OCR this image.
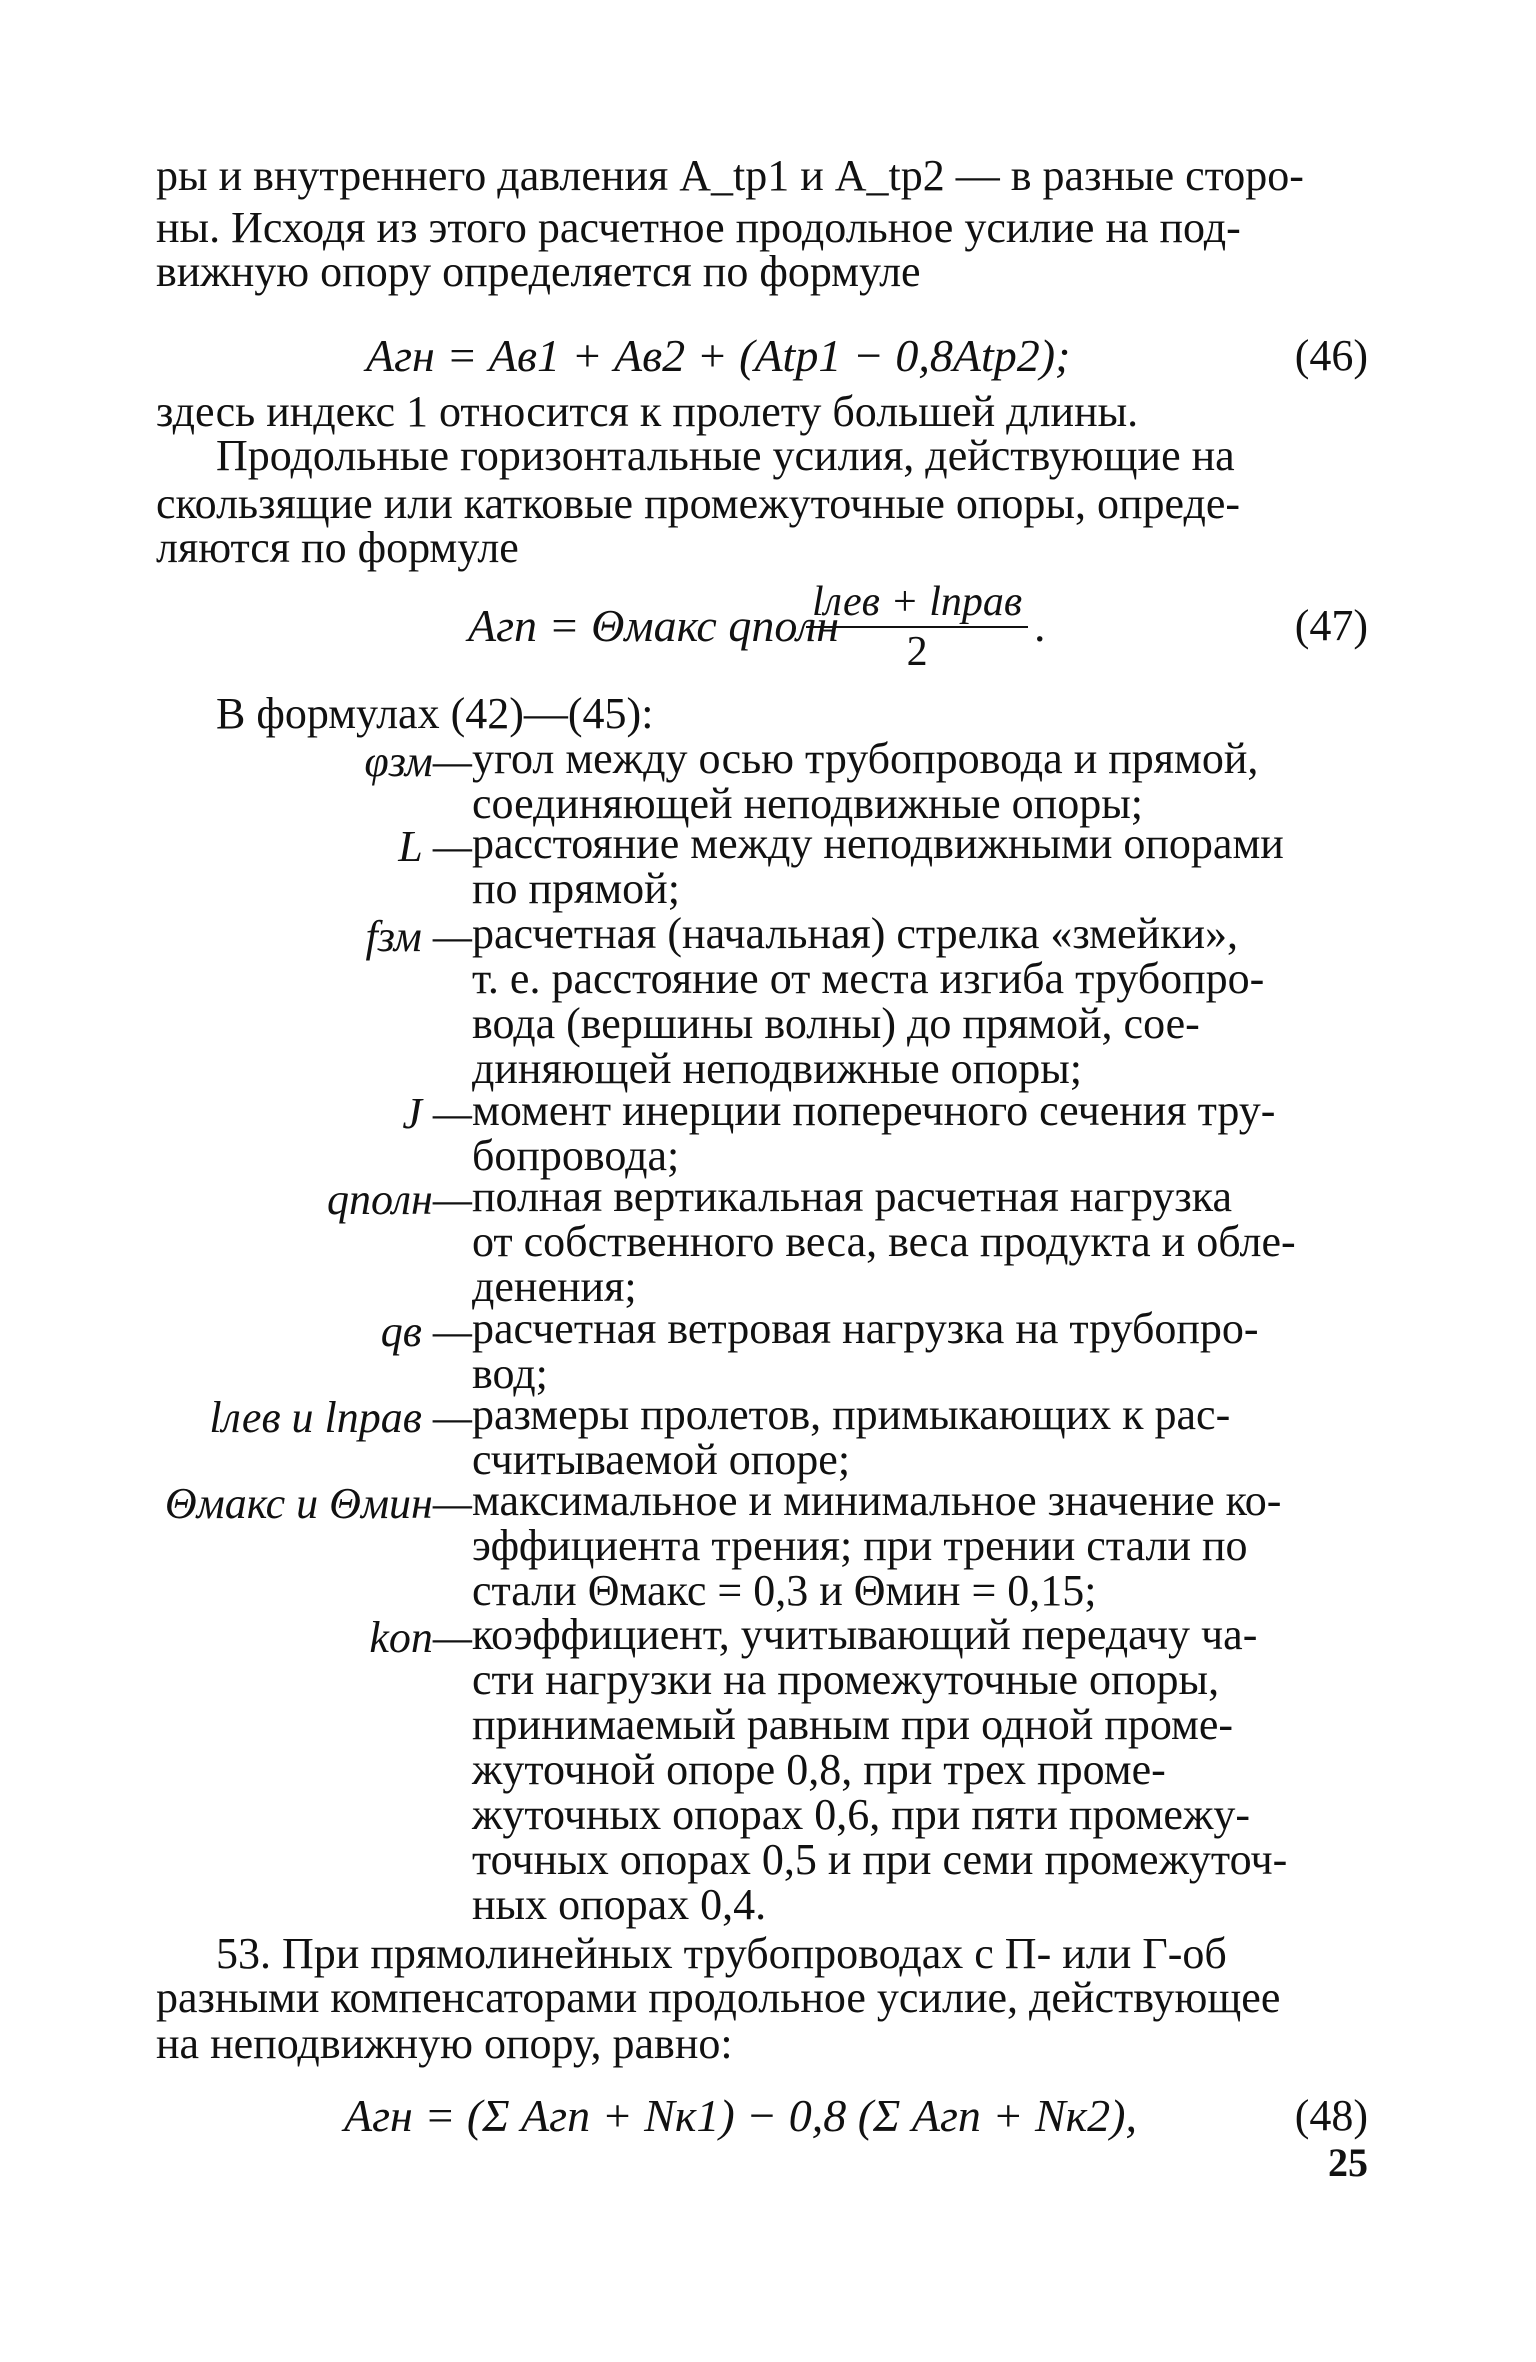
ры и внутреннего давления A_tp1 и A_tp2 — в разные сторо-
ны. Исходя из этого расчетное продольное усилие на под-
вижную опору определяется по формуле
Aгн = Aв1 + Aв2 + (Atp1 − 0,8Atp2);	(46)
здесь индекс 1 относится к пролету большей длины.
Продольные горизонтальные усилия, действующие на
скользящие или катковые промежуточные опоры, опреде-
ляются по формуле
Aгп = Θмакс qполн
lлев + lправ
2
.	(47)
В формулах (42)—(45):
φзм— угол между осью трубопровода и прямой,
соединяющей неподвижные опоры;
L — расстояние между неподвижными опорами
по прямой;
fзм — расчетная (начальная) стрелка «змейки»,
т. е. расстояние от места изгиба трубопро-
вода (вершины волны) до прямой, сое-
диняющей неподвижные опоры;
J — момент инерции поперечного сечения тру-
бопровода;
qполн— полная вертикальная расчетная нагрузка
от собственного веса, веса продукта и обле-
денения;
qв — расчетная ветровая нагрузка на трубопро-
вод;
lлев и lправ — размеры пролетов, примыкающих к рас-
считываемой опоре;
Θмакс и Θмин— максимальное и минимальное значение ко-
эффициента трения; при трении стали по
стали Θмакс = 0,3 и Θмин = 0,15;
kоп— коэффициент, учитывающий передачу ча-
сти нагрузки на промежуточные опоры,
принимаемый равным при одной проме-
жуточной опоре 0,8, при трех проме-
жуточных опорах 0,6, при пяти промежу-
точных опорах 0,5 и при семи промежуточ-
ных опорах 0,4.
53. При прямолинейных трубопроводах с П- или Г-об
разными компенсаторами продольное усилие, действующее
на неподвижную опору, равно:
Aгн = (Σ Aгп + Nк1) − 0,8 (Σ Aгп + Nк2),	(48)
25
